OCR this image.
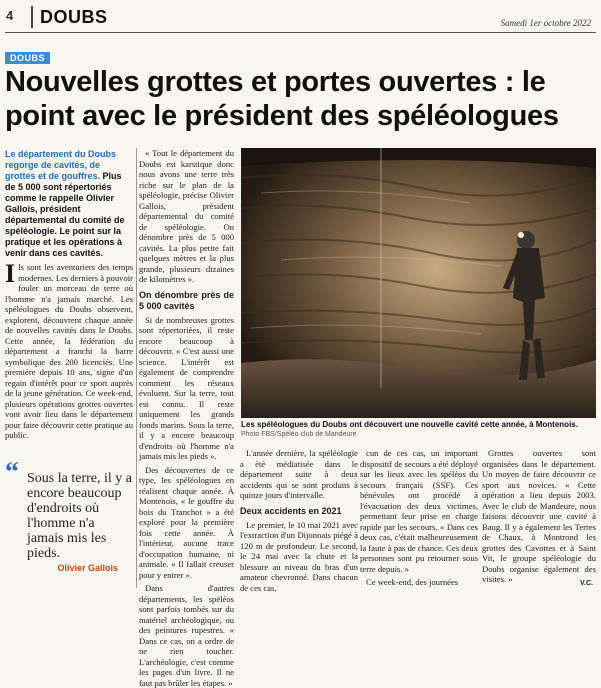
4	DOUBS	Samedi 1er octobre 2022
DOUBS
Nouvelles grottes et portes ouvertes : le point avec le président des spéléologues
Le département du Doubs regorge de cavités, de grottes et de gouffres. Plus de 5 000 sont répertoriés comme le rappelle Olivier Gallois, président départemental du comité de spéléologie. Le point sur la pratique et les opérations à venir dans ces cavités.
I ls sont les aventuriers des temps modernes. Les derniers à pouvoir fouler un morceau de terre où l'homme n'a jamais marché. Les spéléologues du Doubs observent, explorent, découvrent chaque année de nouvelles cavités dans le Doubs. Cette année, la fédération du département a franchi la barre symbolique des 200 licenciés. Une première depuis 10 ans, signe d'un regain d'intérêt pour ce sport auprès de la jeune génération. Ce week-end, plusieurs opérations grottes ouvertes vont avoir lieu dans le département pour faire découvrir cette pratique au public.
“ Sous la terre, il y a encore beaucoup d'endroits où l'homme n'a jamais mis les pieds.
Olivier Gallois

« Tout le département du Doubs est karstique donc nous avons une terre très riche sur le plan de la spéléologie, précise Olivier Gallois, président départemental du comité de spéléologie. On dénombre près de 5 000 cavités. La plus petite fait quelques mètres et la plus grande, plusieurs dizaines de kilomètres ».

On dénombre près de 5 000 cavités

Si de nombreuses grottes sont répertoriées, il reste encore beaucoup à découvrir. « C'est aussi une science. L'intérêt est également de comprendre comment les réseaux évoluent. Sur la terre, tout est connu. Il reste uniquement les grands fonds marins. Sous la terre, il y a encore beaucoup d'endroits où l'homme n'a jamais mis les pieds ».

Des découvertes de ce type, les spéléologues en réalisent chaque année. À Montenois, « le gouffre du bois du Tranchot » a été exploré pour la première fois cette année. À l'intérieur, aucune trace d'occupation humaine, ni animale. « Il fallait creuser pour y entrer ».

Dans d'autres départements, les spéléos sont parfois tombés sur du matériel archéologique, ou des peintures rupestres. « Dans ce cas, on a ordre de ne rien toucher. L'archéologie, c'est comme les pages d'un livre. Il ne faut pas brûler les étapes. »

Les spéléologues du Doubs ont découvert une nouvelle cavité cette année, à Montenois.
Photo FBS/Spéléo club de Mandeure

L'année dernière, la spéléologie a été médiatisée dans le département suite à deux accidents qui se sont produits à quinze jours d'intervalle.

Deux accidents en 2021

Le premier, le 10 mai 2021 avec l'extraction d'un Dijonnais piégé à 120 m de profondeur. Le second, le 24 mai avec la chute et la blessure au niveau du bras d'un amateur chevronné. Dans chacun de ces cas,

cun de ces cas, un important dispositif de secours a été déployé sur les lieux avec les spéléos du secours français (SSF). Ces bénévoles ont procédé à l'évacuation des deux victimes, permettant leur prise en charge rapide par les secours. « Dans ces deux cas, c'était malheureusement la faute à pas de chance. Ces deux personnes sont pu retourner sous terre depuis. »

Ce week-end, des journées

Grottes ouvertes sont organisées dans le département. Un moyen de faire découvrir ce sport aux novices. « Cette opération a lieu depuis 2003. Avec le club de Mandeure, nous faisons découvrir une cavité à Baug. Il y a également les Terres de Chaux, à Montrond les grottes des Cavottes et à Saint Vit, le groupe spéléologie du Doubs organise également des visites. »	V.C.
